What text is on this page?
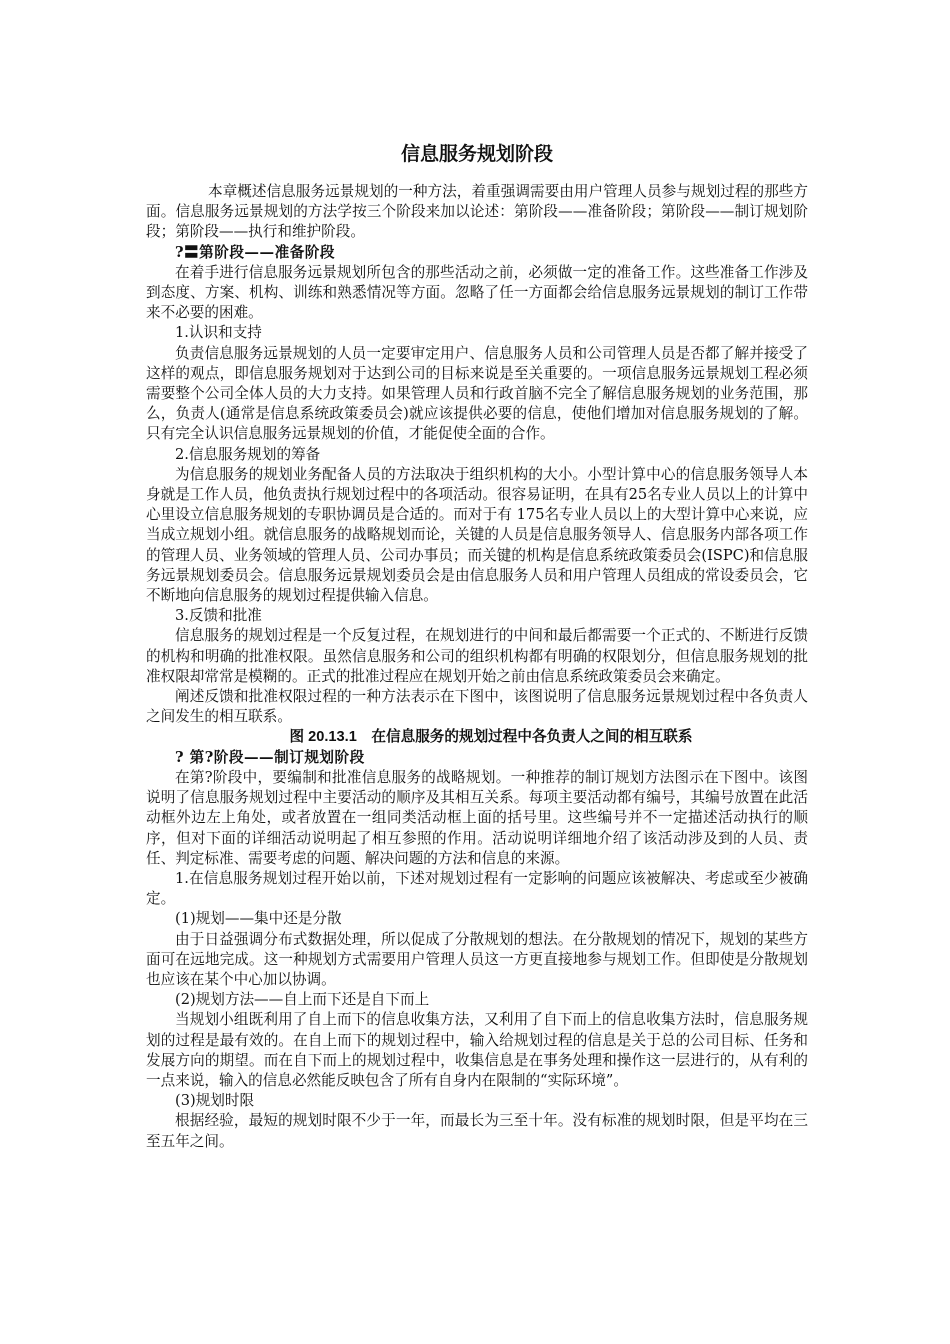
信息服务规划阶段

本章概述信息服务远景规划的一种方法，着重强调需要由用户管理人员参与规划过程的那些方面。信息服务远景规划的方法学按三个阶段来加以论述：第阶段——准备阶段；第阶段——制订规划阶段；第阶段——执行和维护阶段。

?〓第阶段——准备阶段

在着手进行信息服务远景规划所包含的那些活动之前，必须做一定的准备工作。这些准备工作涉及到态度、方案、机构、训练和熟悉情况等方面。忽略了任一方面都会给信息服务远景规划的制订工作带来不必要的困难。

1.认识和支持

负责信息服务远景规划的人员一定要审定用户、信息服务人员和公司管理人员是否都了解并接受了这样的观点，即信息服务规划对于达到公司的目标来说是至关重要的。一项信息服务远景规划工程必须需要整个公司全体人员的大力支持。如果管理人员和行政首脑不完全了解信息服务规划的业务范围，那么，负责人(通常是信息系统政策委员会)就应该提供必要的信息，使他们增加对信息服务规划的了解。只有完全认识信息服务远景规划的价值，才能促使全面的合作。

2.信息服务规划的筹备

为信息服务的规划业务配备人员的方法取决于组织机构的大小。小型计算中心的信息服务领导人本身就是工作人员，他负责执行规划过程中的各项活动。很容易证明，在具有25名专业人员以上的计算中心里设立信息服务规划的专职协调员是合适的。而对于有 175名专业人员以上的大型计算中心来说，应当成立规划小组。就信息服务的战略规划而论，关键的人员是信息服务领导人、信息服务内部各项工作的管理人员、业务领域的管理人员、公司办事员；而关键的机构是信息系统政策委员会(ISPC)和信息服务远景规划委员会。信息服务远景规划委员会是由信息服务人员和用户管理人员组成的常设委员会，它不断地向信息服务的规划过程提供输入信息。

3.反馈和批准

信息服务的规划过程是一个反复过程，在规划进行的中间和最后都需要一个正式的、不断进行反馈的机构和明确的批准权限。虽然信息服务和公司的组织机构都有明确的权限划分，但信息服务规划的批准权限却常常是模糊的。正式的批准过程应在规划开始之前由信息系统政策委员会来确定。

阐述反馈和批准权限过程的一种方法表示在下图中，该图说明了信息服务远景规划过程中各负责人之间发生的相互联系。

图 20.13.1　在信息服务的规划过程中各负责人之间的相互联系

? 第?阶段——制订规划阶段

在第?阶段中，要编制和批准信息服务的战略规划。一种推荐的制订规划方法图示在下图中。该图说明了信息服务规划过程中主要活动的顺序及其相互关系。每项主要活动都有编号，其编号放置在此活动框外边左上角处，或者放置在一组同类活动框上面的括号里。这些编号并不一定描述活动执行的顺序，但对下面的详细活动说明起了相互参照的作用。活动说明详细地介绍了该活动涉及到的人员、责任、判定标准、需要考虑的问题、解决问题的方法和信息的来源。

1.在信息服务规划过程开始以前，下述对规划过程有一定影响的问题应该被解决、考虑或至少被确定。

(1)规划——集中还是分散

由于日益强调分布式数据处理，所以促成了分散规划的想法。在分散规划的情况下，规划的某些方面可在远地完成。这一种规划方式需要用户管理人员这一方更直接地参与规划工作。但即使是分散规划也应该在某个中心加以协调。

(2)规划方法——自上而下还是自下而上

当规划小组既利用了自上而下的信息收集方法，又利用了自下而上的信息收集方法时，信息服务规划的过程是最有效的。在自上而下的规划过程中，输入给规划过程的信息是关于总的公司目标、任务和发展方向的期望。而在自下而上的规划过程中，收集信息是在事务处理和操作这一层进行的，从有利的一点来说，输入的信息必然能反映包含了所有自身内在限制的“实际环境”。

(3)规划时限

根据经验，最短的规划时限不少于一年，而最长为三至十年。没有标准的规划时限，但是平均在三至五年之间。
